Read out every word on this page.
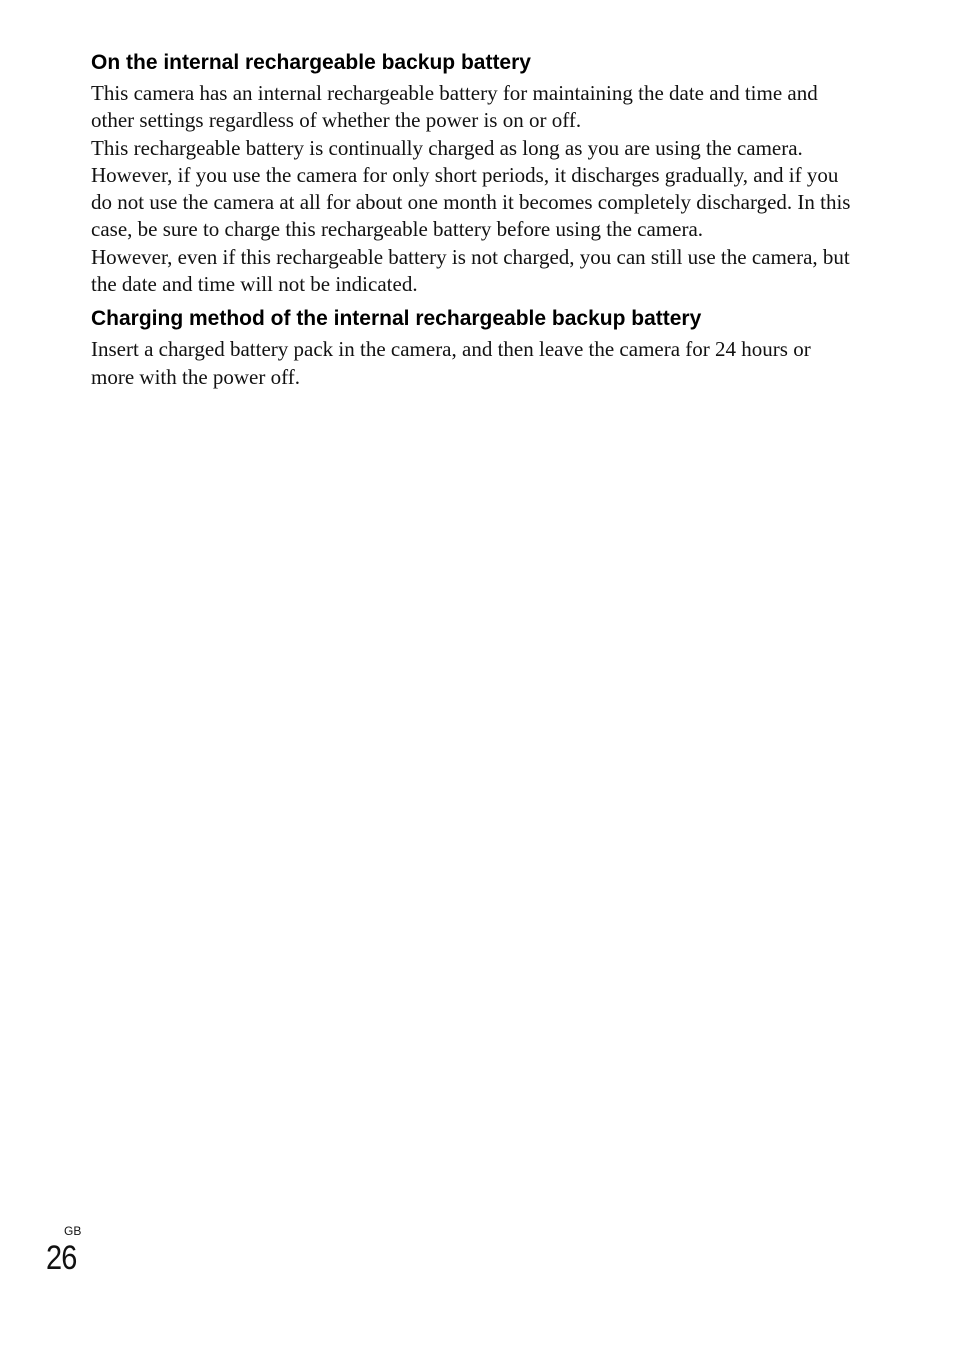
On the internal rechargeable backup battery

This camera has an internal rechargeable battery for maintaining the date and time and other settings regardless of whether the power is on or off.

This rechargeable battery is continually charged as long as you are using the camera. However, if you use the camera for only short periods, it discharges gradually, and if you do not use the camera at all for about one month it becomes completely discharged. In this case, be sure to charge this rechargeable battery before using the camera.

However, even if this rechargeable battery is not charged, you can still use the camera, but the date and time will not be indicated.

Charging method of the internal rechargeable backup battery

Insert a charged battery pack in the camera, and then leave the camera for 24 hours or more with the power off.

GB
26
